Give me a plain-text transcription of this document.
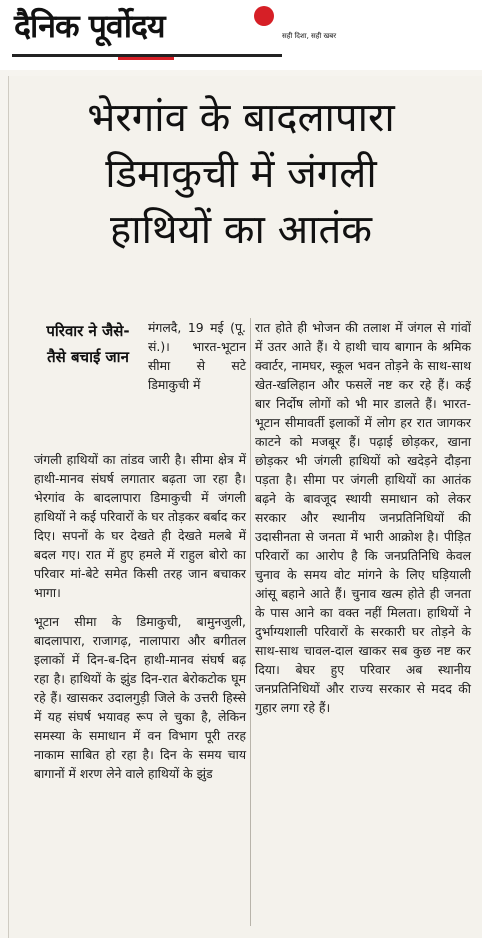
दैनिक पूर्वोदय	सही दिशा, सही खबर
भेरगांव के बादलापारा
डिमाकुची में जंगली
हाथियों का आतंक
परिवार ने जैसे-तैसे बचाई जान

मंगलदै, 19 मई (पू. सं.)। भारत-भूटान सीमा से सटे डिमाकुची में

जंगली हाथियों का तांडव जारी है। सीमा क्षेत्र में हाथी-मानव संघर्ष लगातार बढ़ता जा रहा है। भेरगांव के बादलापारा डिमाकुची में जंगली हाथियों ने कई परिवारों के घर तोड़कर बर्बाद कर दिए। सपनों के घर देखते ही देखते मलबे में बदल गए। रात में हुए हमले में राहुल बोरो का परिवार मां-बेटे समेत किसी तरह जान बचाकर भागा।

भूटान सीमा के डिमाकुची, बामुनजुली, बादलापारा, राजागढ़, नालापारा और बगीतल इलाकों में दिन-ब-दिन हाथी-मानव संघर्ष बढ़ रहा है। हाथियों के झुंड दिन-रात बेरोकटोक घूम रहे हैं। खासकर उदालगुड़ी जिले के उत्तरी हिस्से में यह संघर्ष भयावह रूप ले चुका है, लेकिन समस्या के समाधान में वन विभाग पूरी तरह नाकाम साबित हो रहा है। दिन के समय चाय बागानों में शरण लेने वाले हाथियों के झुंड

रात होते ही भोजन की तलाश में जंगल से गांवों में उतर आते हैं। ये हाथी चाय बागान के श्रमिक क्वार्टर, नामघर, स्कूल भवन तोड़ने के साथ-साथ खेत-खलिहान और फसलें नष्ट कर रहे हैं। कई बार निर्दोष लोगों को भी मार डालते हैं। भारत-भूटान सीमावर्ती इलाकों में लोग हर रात जागकर काटने को मजबूर हैं। पढ़ाई छोड़कर, खाना छोड़कर भी जंगली हाथियों को खदेड़ने दौड़ना पड़ता है। सीमा पर जंगली हाथियों का आतंक बढ़ने के बावजूद स्थायी समाधान को लेकर सरकार और स्थानीय जनप्रतिनिधियों की उदासीनता से जनता में भारी आक्रोश है। पीड़ित परिवारों का आरोप है कि जनप्रतिनिधि केवल चुनाव के समय वोट मांगने के लिए घड़ियाली आंसू बहाने आते हैं। चुनाव खत्म होते ही जनता के पास आने का वक्त नहीं मिलता। हाथियों ने दुर्भाग्यशाली परिवारों के सरकारी घर तोड़ने के साथ-साथ चावल-दाल खाकर सब कुछ नष्ट कर दिया। बेघर हुए परिवार अब स्थानीय जनप्रतिनिधियों और राज्य सरकार से मदद की गुहार लगा रहे हैं।
